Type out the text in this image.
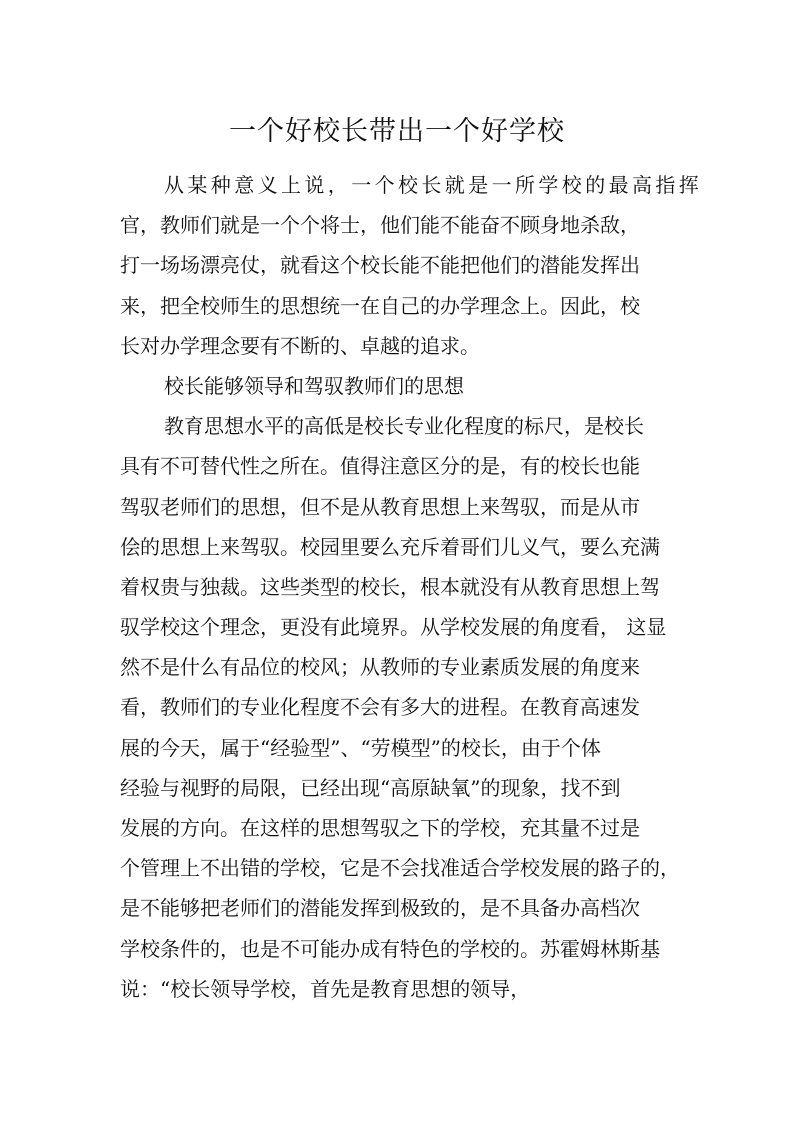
一个好校长带出一个好学校
从某种意义上说，一个校长就是一所学校的最高指挥
官，教师们就是一个个将士，他们能不能奋不顾身地杀敌，
打一场场漂亮仗，就看这个校长能不能把他们的潜能发挥出
来，把全校师生的思想统一在自己的办学理念上。因此，校
长对办学理念要有不断的、卓越的追求。
校长能够领导和驾驭教师们的思想
教育思想水平的高低是校长专业化程度的标尺，是校长
具有不可替代性之所在。值得注意区分的是，有的校长也能
驾驭老师们的思想，但不是从教育思想上来驾驭，而是从市
侩的思想上来驾驭。校园里要么充斥着哥们儿义气，要么充满
着权贵与独裁。这些类型的校长，根本就没有从教育思想上驾
驭学校这个理念，更没有此境界。从学校发展的角度看， 这显
然不是什么有品位的校风；从教师的专业素质发展的角度来
看，教师们的专业化程度不会有多大的进程。在教育高速发
展的今天，属于“经验型”、“劳模型”的校长，由于个体
经验与视野的局限，已经出现“高原缺氧”的现象，找不到
发展的方向。在这样的思想驾驭之下的学校，充其量不过是
个管理上不出错的学校，它是不会找准适合学校发展的路子的，
是不能够把老师们的潜能发挥到极致的，是不具备办高档次
学校条件的，也是不可能办成有特色的学校的。苏霍姆林斯基
说：“校长领导学校，首先是教育思想的领导，
